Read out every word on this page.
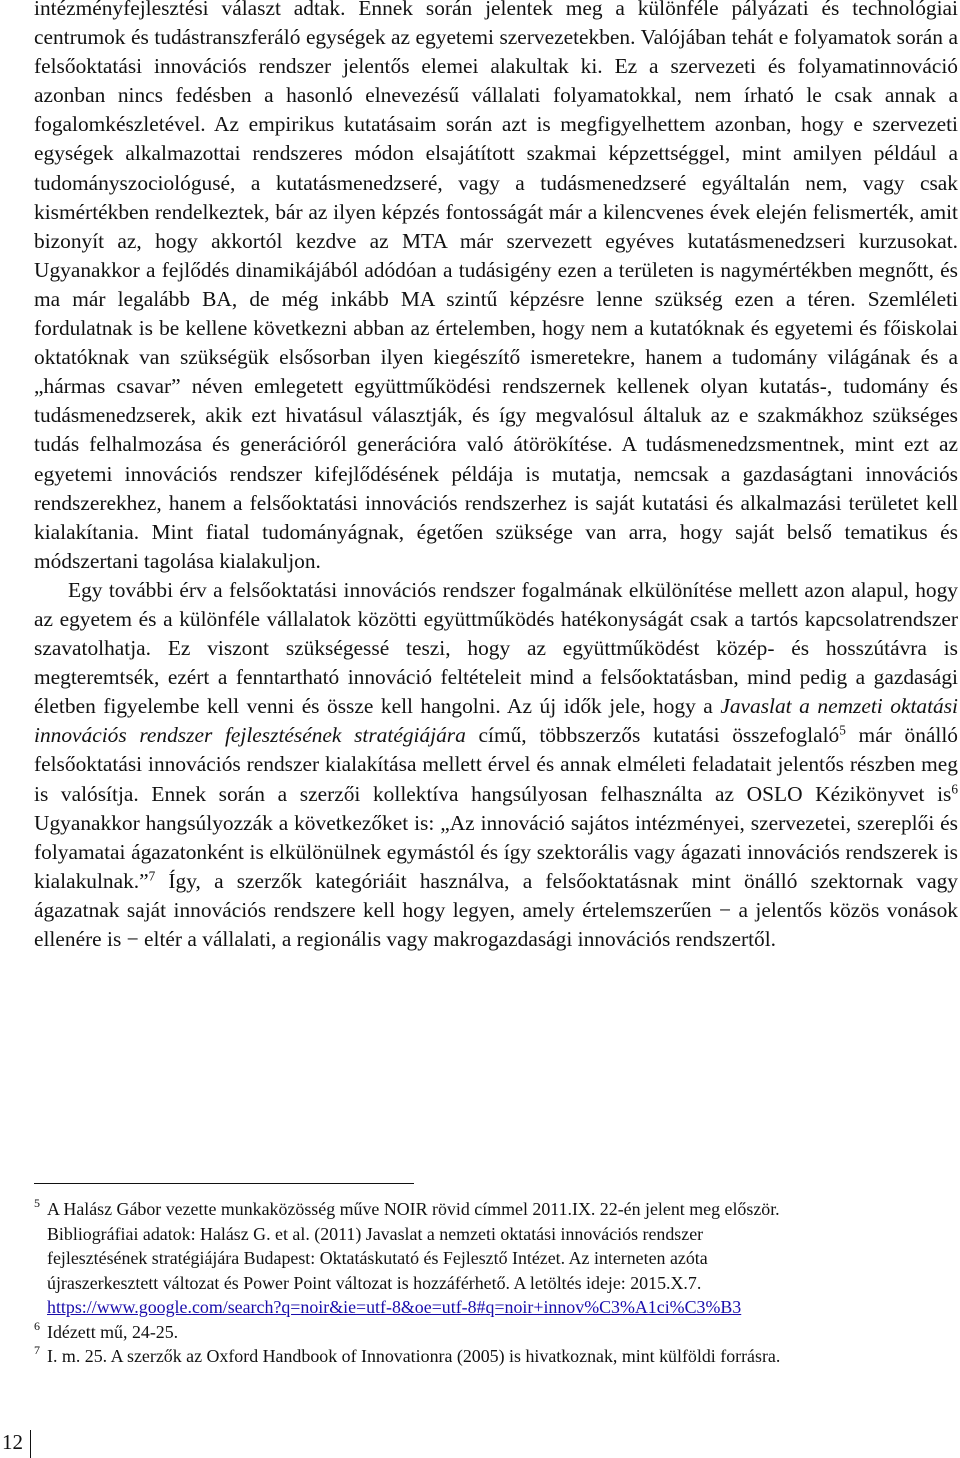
intézményfejlesztési választ adtak. Ennek során jelentek meg a különféle pályázati és technológiai centrumok és tudástranszferáló egységek az egyetemi szervezetekben. Valójában tehát e folyamatok során a felsőoktatási innovációs rendszer jelentős elemei alakultak ki. Ez a szervezeti és folyamatinnováció azonban nincs fedésben a hasonló elnevezésű vállalati folyamatokkal, nem írható le csak annak a fogalomkészletével. Az empirikus kutatásaim során azt is megfigyelhettem azonban, hogy e szervezeti egységek alkalmazottai rendszeres módon elsajátított szakmai képzettséggel, mint amilyen például a tudományszociológusé, a kutatásmenedzseré, vagy a tudásmenedzseré egyáltalán nem, vagy csak kismértékben rendelkeztek, bár az ilyen képzés fontosságát már a kilencvenes évek elején felismerték, amit bizonyít az, hogy akkortól kezdve az MTA már szervezett egyéves kutatásmenedzseri kurzusokat. Ugyanakkor a fejlődés dinamikájából adódóan a tudásigény ezen a területen is nagymértékben megnőtt, és ma már legalább BA, de még inkább MA szintű képzésre lenne szükség ezen a téren. Szemléleti fordulatnak is be kellene következni abban az értelemben, hogy nem a kutatóknak és egyetemi és főiskolai oktatóknak van szükségük elsősorban ilyen kiegészítő ismeretekre, hanem a tudomány világának és a „hármas csavar” néven emlegetett együttműködési rendszernek kellenek olyan kutatás-, tudomány és tudásmenedzserek, akik ezt hivatásul választják, és így megvalósul általuk az e szakmákhoz szükséges tudás felhalmozása és generációról generációra való átörökítése. A tudásmenedzsmentnek, mint ezt az egyetemi innovációs rendszer kifejlődésének példája is mutatja, nemcsak a gazdaságtani innovációs rendszerekhez, hanem a felsőoktatási innovációs rendszerhez is saját kutatási és alkalmazási területet kell kialakítania. Mint fiatal tudományágnak, égetően szüksége van arra, hogy saját belső tematikus és módszertani tagolása kialakuljon.

Egy további érv a felsőoktatási innovációs rendszer fogalmának elkülönítése mellett azon alapul, hogy az egyetem és a különféle vállalatok közötti együttműködés hatékonyságát csak a tartós kapcsolatrendszer szavatolhatja. Ez viszont szükségessé teszi, hogy az együttműködést közép- és hosszútávra is megteremtsék, ezért a fenntartható innováció feltételeit mind a felsőoktatásban, mind pedig a gazdasági életben figyelembe kell venni és össze kell hangolni. Az új idők jele, hogy a Javaslat a nemzeti oktatási innovációs rendszer fejlesztésének stratégiájára című, többszerzős kutatási összefoglaló$^5$ már önálló felsőoktatási innovációs rendszer kialakítása mellett érvel és annak elméleti feladatait jelentős részben meg is valósítja. Ennek során a szerzői kollektíva hangsúlyosan felhasználta az OSLO Kézikönyvet $is^6$ Ugyanakkor hangsúlyozzák a következőket is: „Az innováció sajátos intézményei, szervezetei, szereplői és folyamatai ágazatonként is elkülönülnek egymástól és így szektorális vagy ágazati innovációs rendszerek is kialakulnak.”$^7$ Így, a szerzők kategóriáit használva, a felsőoktatásnak mint önálló szektornak vagy ágazatnak saját innovációs rendszere kell hogy legyen, amely értelemszerűen − a jelentős közös vonások ellenére is − eltér a vállalati, a regionális vagy makrogazdasági innovációs rendszertől.

5 A Halász Gábor vezette munkaközösség műve NOIR rövid címmel 2011.IX. 22-én jelent meg először.
Bibliográfiai adatok: Halász G. et al. (2011) Javaslat a nemzeti oktatási innovációs rendszer
fejlesztésének stratégiájára Budapest: Oktatáskutató és Fejlesztő Intézet. Az interneten azóta
újraszerkesztett változat és Power Point változat is hozzáférhető. A letöltés ideje: 2015.X.7.
https://www.google.com/search?q=noir&ie=utf-8&oe=utf-8#q=noir+innov%C3%A1ci%C3%B3

6 Idézett mű, 24-25.

7 I. m. 25. A szerzők az Oxford Handbook of Innovationra (2005) is hivatkoznak, mint külföldi forrásra.

12
